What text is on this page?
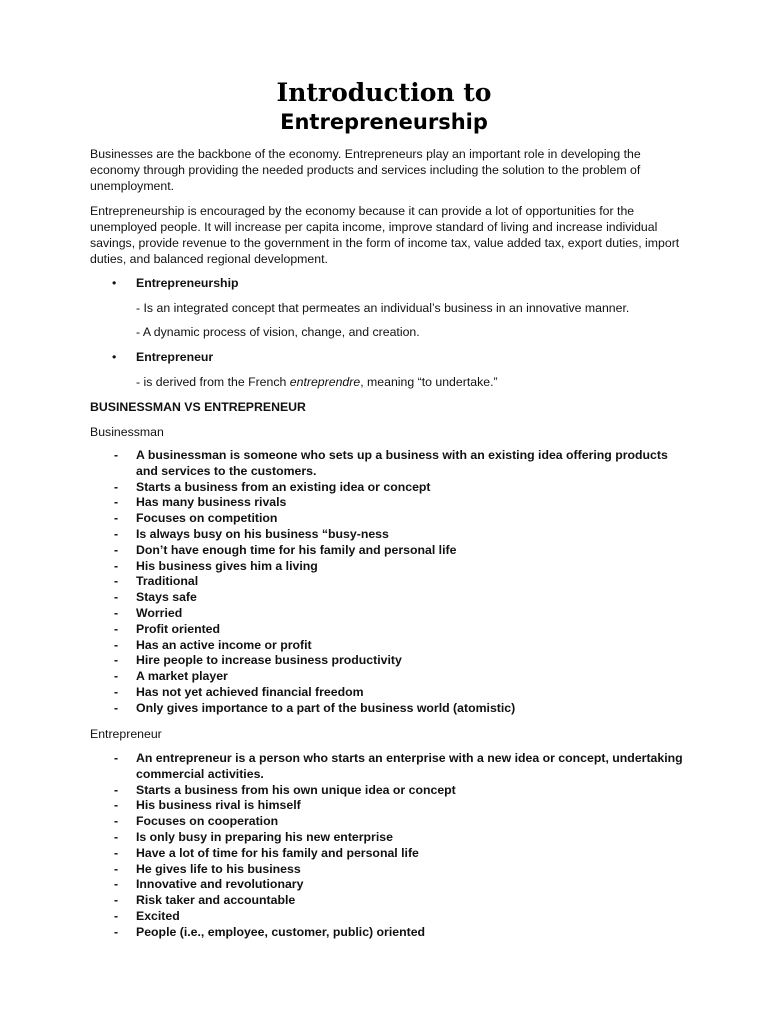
Introduction to
Entrepreneurship
Businesses are the backbone of the economy. Entrepreneurs play an important role in developing the economy through providing the needed products and services including the solution to the problem of unemployment.
Entrepreneurship is encouraged by the economy because it can provide a lot of opportunities for the unemployed people. It will increase per capita income, improve standard of living and increase individual savings, provide revenue to the government in the form of income tax, value added tax, export duties, import duties, and balanced regional development.
• Entrepreneurship
- Is an integrated concept that permeates an individual’s business in an innovative manner.
- A dynamic process of vision, change, and creation.
• Entrepreneur
- is derived from the French entreprendre, meaning “to undertake.”
BUSINESSMAN VS ENTREPRENEUR
Businessman
- A businessman is someone who sets up a business with an existing idea offering products and services to the customers.
- Starts a business from an existing idea or concept
- Has many business rivals
- Focuses on competition
- Is always busy on his business “busy-ness
- Don’t have enough time for his family and personal life
- His business gives him a living
- Traditional
- Stays safe
- Worried
- Profit oriented
- Has an active income or profit
- Hire people to increase business productivity
- A market player
- Has not yet achieved financial freedom
- Only gives importance to a part of the business world (atomistic)
Entrepreneur
- An entrepreneur is a person who starts an enterprise with a new idea or concept, undertaking commercial activities.
- Starts a business from his own unique idea or concept
- His business rival is himself
- Focuses on cooperation
- Is only busy in preparing his new enterprise
- Have a lot of time for his family and personal life
- He gives life to his business
- Innovative and revolutionary
- Risk taker and accountable
- Excited
- People (i.e., employee, customer, public) oriented
